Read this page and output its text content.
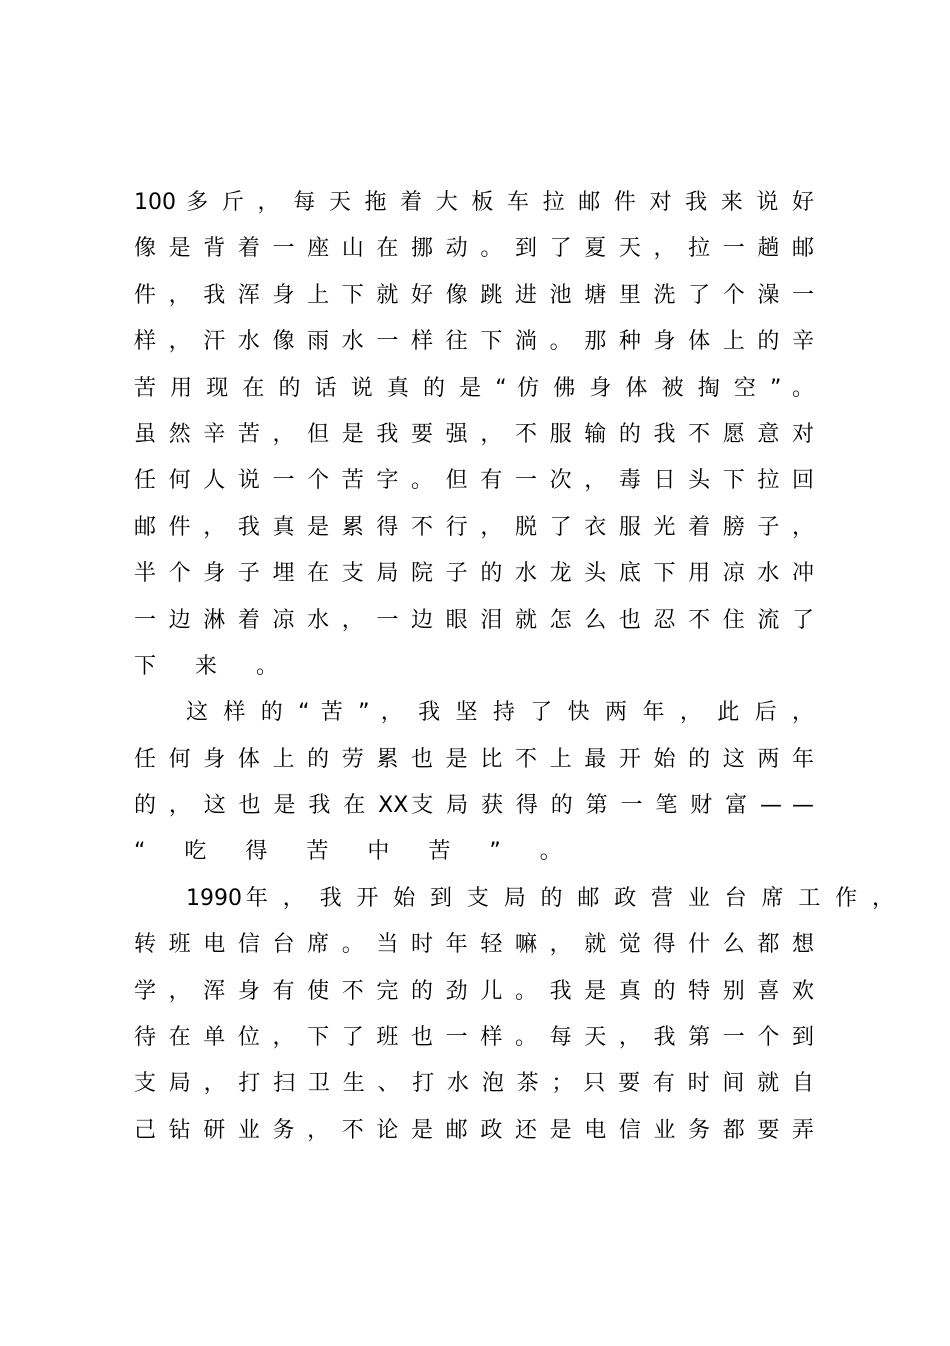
100 多 斤 ， 每 天 拖 着 大 板 车 拉 邮 件 对 我 来 说 好
像 是 背 着 一 座 山 在 挪 动 。 到 了 夏 天 ， 拉 一 趟 邮
件 ， 我 浑 身 上 下 就 好 像 跳 进 池 塘 里 洗 了 个 澡 一
样 ， 汗 水 像 雨 水 一 样 往 下 淌 。 那 种 身 体 上 的 辛
苦 用 现 在 的 话 说 真 的 是 “ 仿 佛 身 体 被 掏 空 ” 。
虽 然 辛 苦 ， 但 是 我 要 强 ， 不 服 输 的 我 不 愿 意 对
任 何 人 说 一 个 苦 字 。 但 有 一 次 ， 毒 日 头 下 拉 回
邮 件 ， 我 真 是 累 得 不 行 ， 脱 了 衣 服 光 着 膀 子 ，
半 个 身 子 埋 在 支 局 院 子 的 水 龙 头 底 下 用 凉 水 冲
一 边 淋 着 凉 水 ， 一 边 眼 泪 就 怎 么 也 忍 不 住 流 了
下 来 。
这 样 的 “ 苦 ” ， 我 坚 持 了 快 两 年 ， 此 后 ，
任 何 身 体 上 的 劳 累 也 是 比 不 上 最 开 始 的 这 两 年
的 ， 这 也 是 我 在 XX支 局 获 得 的 第 一 笔 财 富 — —
“ 吃 得 苦 中 苦 ” 。
1990年 ， 我 开 始 到 支 局 的 邮 政 营 业 台 席 工 作 ，
转 班 电 信 台 席 。 当 时 年 轻 嘛 ， 就 觉 得 什 么 都 想
学 ， 浑 身 有 使 不 完 的 劲 儿 。 我 是 真 的 特 别 喜 欢
待 在 单 位 ， 下 了 班 也 一 样 。 每 天 ， 我 第 一 个 到
支 局 ， 打 扫 卫 生 、 打 水 泡 茶 ； 只 要 有 时 间 就 自
己 钻 研 业 务 ， 不 论 是 邮 政 还 是 电 信 业 务 都 要 弄
